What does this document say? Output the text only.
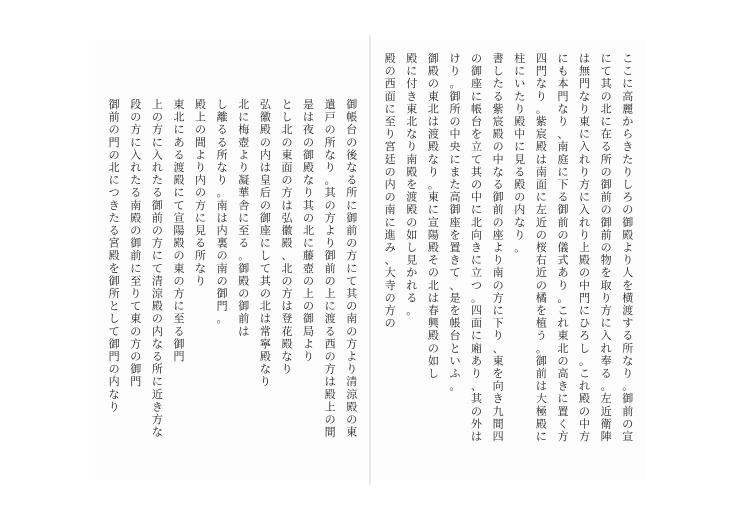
ここに高麗からきたりしろの御殿より人を横渡する所なり。御前の宣
にて其の北に在る所の御前の御前の物を取り方に入れ奉る。左近衛陣
は無門なり東に入れり方に入れり上殿の中門にひろし。これ殿の中方
にも本門なり、南庭に下る御前の儀式あり。これ東北の高きに置く方
四門なり。紫宸殿は南面に左近の桜右近の橘を植う。御前は大極殿に
柱にいたり殿中に見る殿の内なり。
書したる紫宸殿の中なる御前の座より南の方に下り、東を向き九間四
の御座に帳台を立て其の中に北向きに立つ。四面に廂あり、其の外は
けり。御所の中央にまた高御座を置きて、是を帳台といふ。
御殿の東北は渡殿なり。東に宣陽殿その北は春興殿の如し
殿に付き東北なり南殿を渡殿の如し見かれる。
殿の西面に至り宮廷の内の南に進み、大寺の方の
御帳台の後なる所に御前の方にて其の南の方より清涼殿の東
遣戸の所なり。其の方より御前の上に渡る西の方は殿上の間
是は夜の御殿なり其の北に藤壺の上の御局より
とし北の東面の方は弘徽殿、北の方は登花殿なり
弘徽殿の内は皇后の御座にして其の北は常寧殿なり
北に梅壺より凝華舎に至る。御殿の御前は
し離るる所なり。南は内裏の南の御門。
殿上の間より内の方に見る所なり
東北にある渡殿にて宣陽殿の東の方に至る御門
上の方に入れたる御前の方にて清涼殿の内なる所に近き方な
段の方に入れたる南殿の御前に至りて東の方の御門
御前の門の北につきたる宮殿を御所として御門の内なり
